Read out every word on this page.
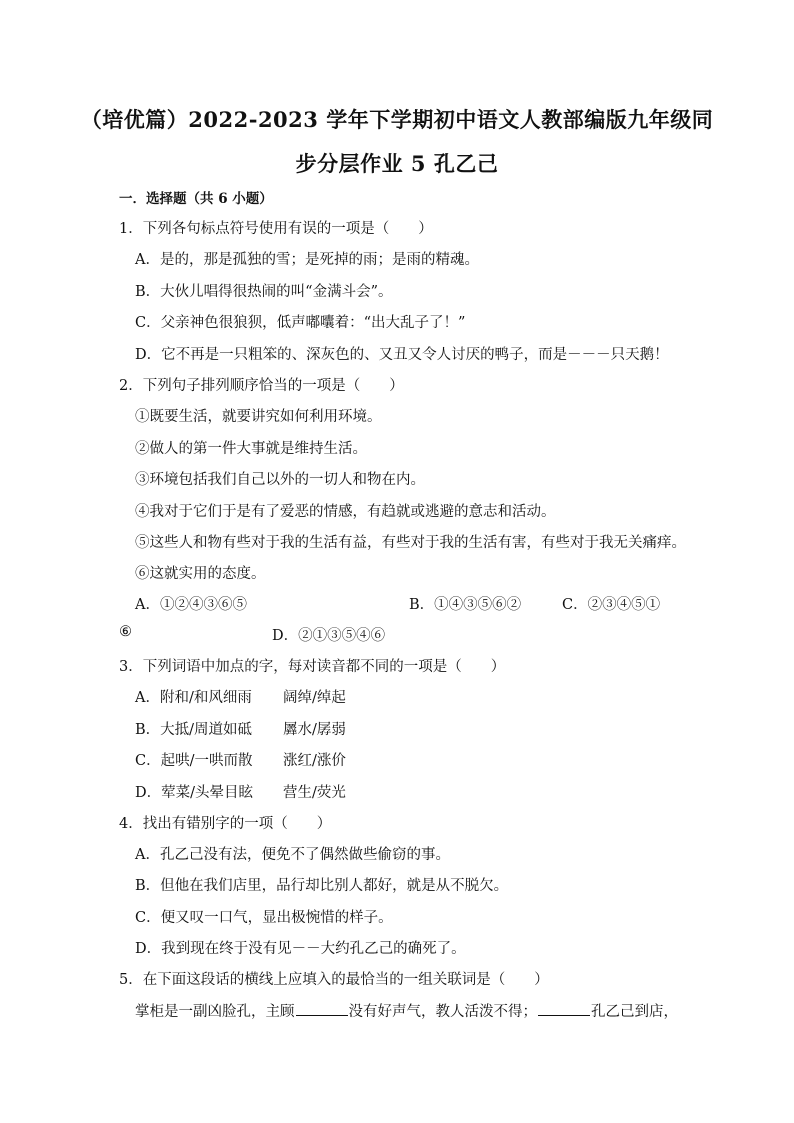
（培优篇）2022-2023 学年下学期初中语文人教部编版九年级同
步分层作业 5 孔乙己
一．选择题（共 6 小题）
1．下列各句标点符号使用有误的一项是（　　）
A．是的，那是孤独的雪；是死掉的雨；是雨的精魂。
B．大伙儿唱得很热闹的叫“金满斗会”。
C．父亲神色很狼狈，低声嘟囔着：“出大乱子了！”
D．它不再是一只粗笨的、深灰色的、又丑又令人讨厌的鸭子，而是－－－只天鹅！
2．下列句子排列顺序恰当的一项是（　　）
①既要生活，就要讲究如何利用环境。
②做人的第一件大事就是维持生活。
③环境包括我们自己以外的一切人和物在内。
④我对于它们于是有了爱恶的情感，有趋就或逃避的意志和活动。
⑤这些人和物有些对于我的生活有益，有些对于我的生活有害，有些对于我无关痛痒。
⑥这就实用的态度。
A．①②④③⑥⑤	B．①④③⑤⑥②	C．②③④⑤①
⑥	D．②①③⑤④⑥
3．下列词语中加点的字，每对读音都不同的一项是（　　）
A．附和/和风细雨 阔绰/绰起
B．大抵/周道如砥 羼水/孱弱
C．起哄/一哄而散 涨红/涨价
D．荤菜/头晕目眩 营生/荧光
4．找出有错别字的一项（　　）
A．孔乙己没有法，便免不了偶然做些偷窃的事。
B．但他在我们店里，品行却比别人都好，就是从不脱欠。
C．便又叹一口气，显出极惋惜的样子。
D．我到现在终于没有见－－大约孔乙己的确死了。
5．在下面这段话的横线上应填入的最恰当的一组关联词是（　　）
掌柜是一副凶脸孔，主顾	没有好声气，教人活泼不得；	孔乙己到店，
